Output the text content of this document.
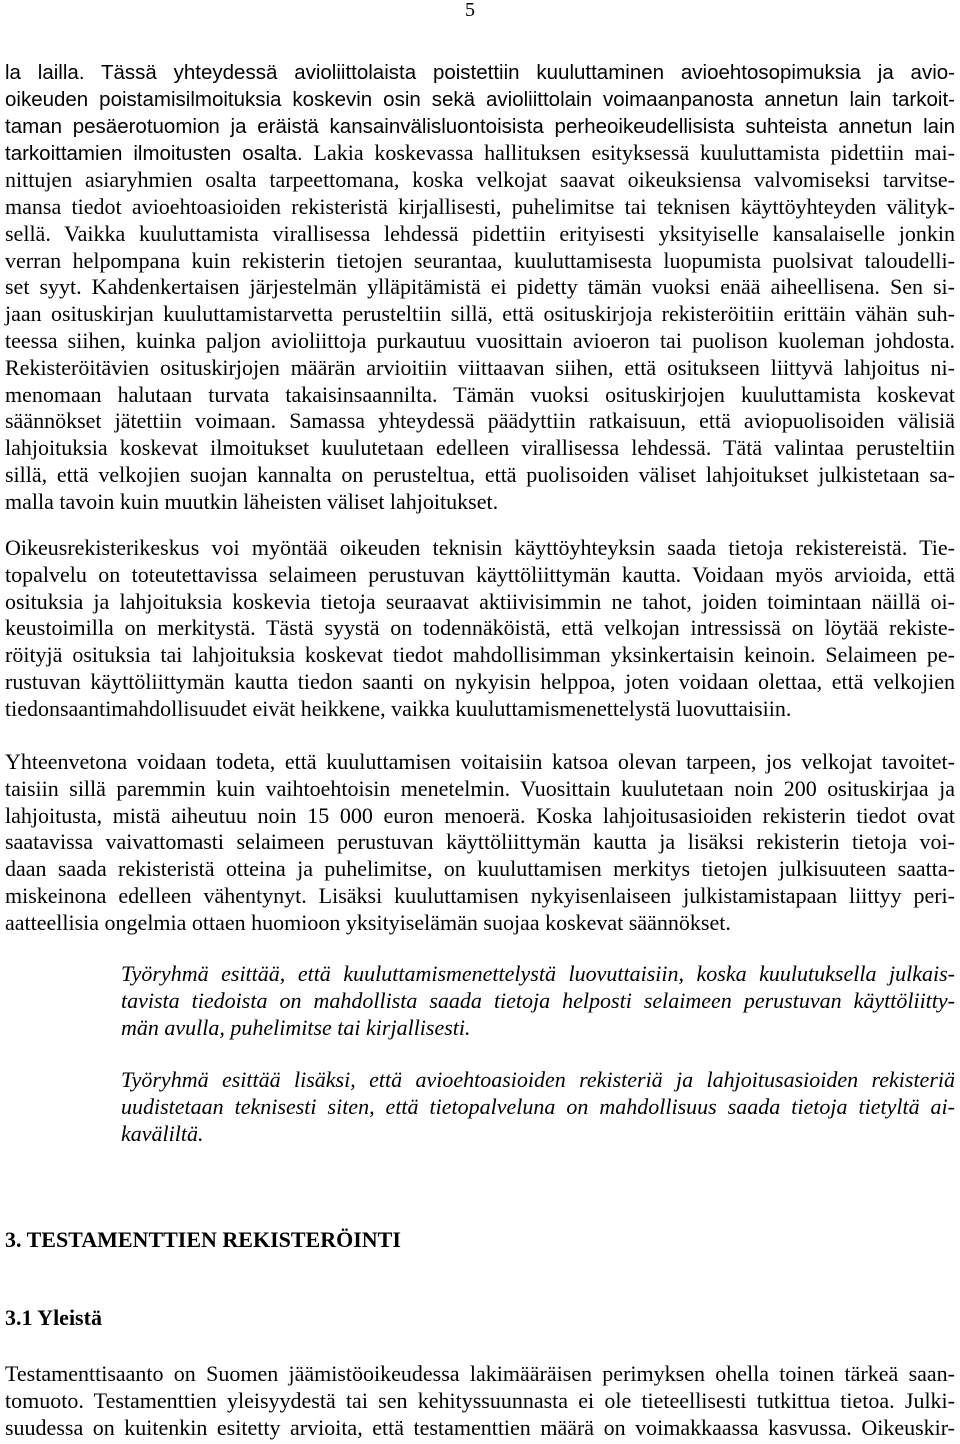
5
la lailla. Tässä yhteydessä avioliittolaista poistettiin kuuluttaminen avioehtosopimuksia ja avio-
oikeuden poistamisilmoituksia koskevin osin sekä avioliittolain voimaanpanosta annetun lain tarkoit-
taman pesäerotuomion ja eräistä kansainvälisluontoisista perheoikeudellisista suhteista annetun lain
tarkoittamien ilmoitusten osalta. Lakia koskevassa hallituksen esityksessä kuuluttamista pidettiin mai-
nittujen asiaryhmien osalta tarpeettomana, koska velkojat saavat oikeuksiensa valvomiseksi tarvitse-
mansa tiedot avioehtoasioiden rekisteristä kirjallisesti, puhelimitse tai teknisen käyttöyhteyden välityk-
sellä. Vaikka kuuluttamista virallisessa lehdessä pidettiin erityisesti yksityiselle kansalaiselle jonkin
verran helpompana kuin rekisterin tietojen seurantaa, kuuluttamisesta luopumista puolsivat taloudelli-
set syyt. Kahdenkertaisen järjestelmän ylläpitämistä ei pidetty tämän vuoksi enää aiheellisena. Sen si-
jaan osituskirjan kuuluttamistarvetta perusteltiin sillä, että osituskirjoja rekisteröitiin erittäin vähän suh-
teessa siihen, kuinka paljon avioliittoja purkautuu vuosittain avioeron tai puolison kuoleman johdosta.
Rekisteröitävien osituskirjojen määrän arvioitiin viittaavan siihen, että ositukseen liittyvä lahjoitus ni-
menomaan halutaan turvata takaisinsaannilta. Tämän vuoksi osituskirjojen kuuluttamista koskevat
säännökset jätettiin voimaan. Samassa yhteydessä päädyttiin ratkaisuun, että aviopuolisoiden välisiä
lahjoituksia koskevat ilmoitukset kuulutetaan edelleen virallisessa lehdessä. Tätä valintaa perusteltiin
sillä, että velkojien suojan kannalta on perusteltua, että puolisoiden väliset lahjoitukset julkistetaan sa-
malla tavoin kuin muutkin läheisten väliset lahjoitukset.
Oikeusrekisterikeskus voi myöntää oikeuden teknisin käyttöyhteyksin saada tietoja rekistereistä. Tie-
topalvelu on toteutettavissa selaimeen perustuvan käyttöliittymän kautta. Voidaan myös arvioida, että
osituksia ja lahjoituksia koskevia tietoja seuraavat aktiivisimmin ne tahot, joiden toimintaan näillä oi-
keustoimilla on merkitystä. Tästä syystä on todennäköistä, että velkojan intressissä on löytää rekiste-
röityjä osituksia tai lahjoituksia koskevat tiedot mahdollisimman yksinkertaisin keinoin. Selaimeen pe-
rustuvan käyttöliittymän kautta tiedon saanti on nykyisin helppoa, joten voidaan olettaa, että velkojien
tiedonsaantimahdollisuudet eivät heikkene, vaikka kuuluttamismenettelystä luovuttaisiin.
Yhteenvetona voidaan todeta, että kuuluttamisen voitaisiin katsoa olevan tarpeen, jos velkojat tavoitet-
taisiin sillä paremmin kuin vaihtoehtoisin menetelmin. Vuosittain kuulutetaan noin 200 osituskirjaa ja
lahjoitusta, mistä aiheutuu noin 15 000 euron menoerä. Koska lahjoitusasioiden rekisterin tiedot ovat
saatavissa vaivattomasti selaimeen perustuvan käyttöliittymän kautta ja lisäksi rekisterin tietoja voi-
daan saada rekisteristä otteina ja puhelimitse, on kuuluttamisen merkitys tietojen julkisuuteen saatta-
miskeinona edelleen vähentynyt. Lisäksi kuuluttamisen nykyisenlaiseen julkistamistapaan liittyy peri-
aatteellisia ongelmia ottaen huomioon yksityiselämän suojaa koskevat säännökset.
Työryhmä esittää, että kuuluttamismenettelystä luovuttaisiin, koska kuulutuksella julkais-
tavista tiedoista on mahdollista saada tietoja helposti selaimeen perustuvan käyttöliitty-
män avulla, puhelimitse tai kirjallisesti.
Työryhmä esittää lisäksi, että avioehtoasioiden rekisteriä ja lahjoitusasioiden rekisteriä
uudistetaan teknisesti siten, että tietopalveluna on mahdollisuus saada tietoja tietyltä ai-
kaväliltä.
3. TESTAMENTTIEN REKISTERÖINTI
3.1 Yleistä
Testamenttisaanto on Suomen jäämistöoikeudessa lakimääräisen perimyksen ohella toinen tärkeä saan-
tomuoto. Testamenttien yleisyydestä tai sen kehityssuunnasta ei ole tieteellisesti tutkittua tietoa. Julki-
suudessa on kuitenkin esitetty arvioita, että testamenttien määrä on voimakkaassa kasvussa. Oikeuskir-
